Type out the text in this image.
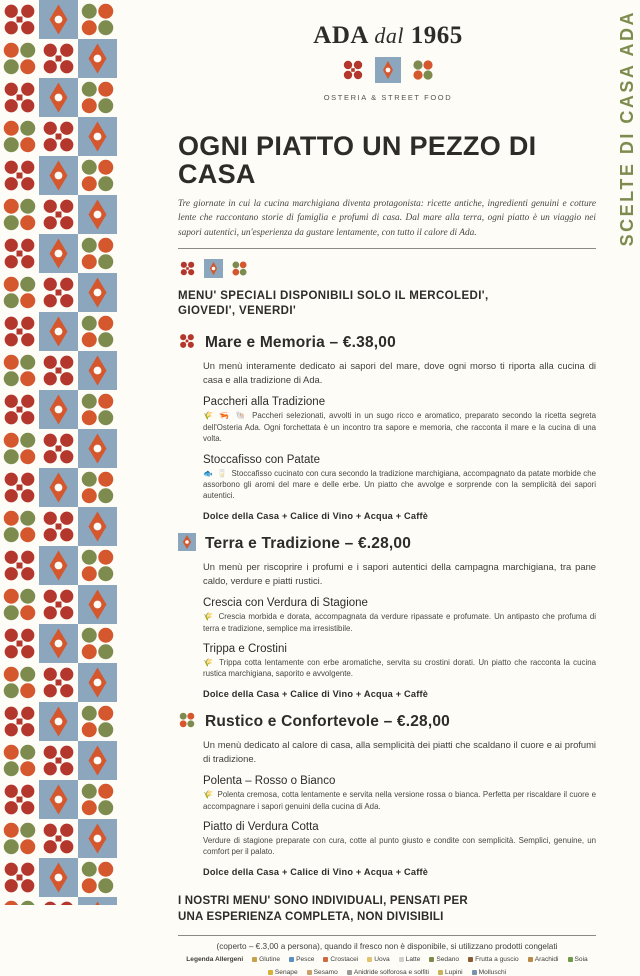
SCELTE DI CASA ADA
ADA dal 1965
OSTERIA & STREET FOOD
OGNI PIATTO UN PEZZO DI CASA
Tre giornate in cui la cucina marchigiana diventa protagonista: ricette antiche, ingredienti genuini e cotture lente che raccontano storie di famiglia e profumi di casa. Dal mare alla terra, ogni piatto è un viaggio nei sapori autentici, un'esperienza da gustare lentamente, con tutto il calore di Ada.
MENU' SPECIALI DISPONIBILI SOLO IL MERCOLEDI',
GIOVEDI', VENERDI'
Mare e Memoria – €.38,00
Un menù interamente dedicato ai sapori del mare, dove ogni morso ti riporta alla cucina di casa e alla tradizione di Ada.
Paccheri alla Tradizione
🌾 🦐 🐚 Paccheri selezionati, avvolti in un sugo ricco e aromatico, preparato secondo la ricetta segreta dell'Osteria Ada. Ogni forchettata è un incontro tra sapore e memoria, che racconta il mare e la cucina di una volta.
Stoccafisso con Patate
🐟 🥛 Stoccafisso cucinato con cura secondo la tradizione marchigiana, accompagnato da patate morbide che assorbono gli aromi del mare e delle erbe. Un piatto che avvolge e sorprende con la semplicità dei sapori autentici.
Dolce della Casa + Calice di Vino + Acqua + Caffè
Terra e Tradizione – €.28,00
Un menù per riscoprire i profumi e i sapori autentici della campagna marchigiana, tra pane caldo, verdure e piatti rustici.
Crescia con Verdura di Stagione
🌾 Crescia morbida e dorata, accompagnata da verdure ripassate e profumate. Un antipasto che profuma di terra e tradizione, semplice ma irresistibile.
Trippa e Crostini
🌾 Trippa cotta lentamente con erbe aromatiche, servita su crostini dorati. Un piatto che racconta la cucina rustica marchigiana, saporito e avvolgente.
Dolce della Casa + Calice di Vino + Acqua + Caffè
Rustico e Confortevole – €.28,00
Un menù dedicato al calore di casa, alla semplicità dei piatti che scaldano il cuore e ai profumi di tradizione.
Polenta – Rosso o Bianco
🌾 Polenta cremosa, cotta lentamente e servita nella versione rossa o bianca. Perfetta per riscaldare il cuore e accompagnare i sapori genuini della cucina di Ada.
Piatto di Verdura Cotta
Verdure di stagione preparate con cura, cotte al punto giusto e condite con semplicità. Semplici, genuine, un comfort per il palato.
Dolce della Casa + Calice di Vino + Acqua + Caffè
I NOSTRI MENU' SONO INDIVIDUALI, PENSATI PER
UNA ESPERIENZA COMPLETA, NON DIVISIBILI
(coperto – €.3,00 a persona), quando il fresco non è disponibile, si utilizzano prodotti congelati
Legenda Allergeni	Glutine	Pesce	Crostacei	Uova	Latte	Sedano	Frutta a guscio	Arachidi	Soia
Senape	Sesamo	Anidride solforosa e solfiti	Lupini	Molluschi
